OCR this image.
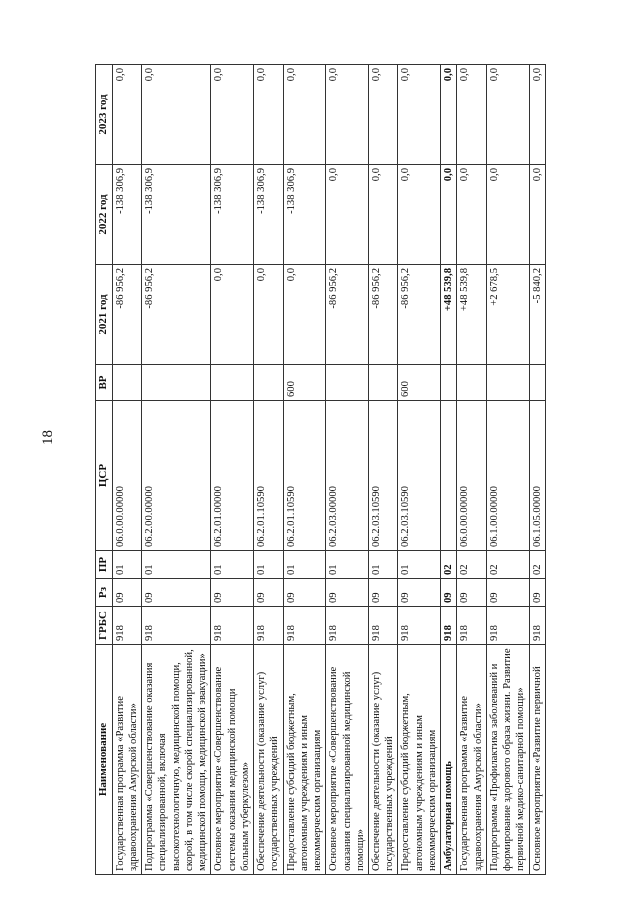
18
Наименование	ГРБС	Рз	ПР	ЦСР	ВР	2021 год	2022 год	2023 год
Государственная программа «Развитие здравоохранения Амурской области»	918	09	01	06.0.00.00000		-86 956,2	-138 306,9	0,0
Подпрограмма «Совершенствование оказания специализированной, включая высокотехнологичную, медицинской помощи, скорой, в том числе скорой специализированной, медицинской помощи, медицинской эвакуации»	918	09	01	06.2.00.00000		-86 956,2	-138 306,9	0,0
Основное мероприятие «Совершенствование системы оказания медицинской помощи больным туберкулезом»	918	09	01	06.2.01.00000		0,0	-138 306,9	0,0
Обеспечение деятельности (оказание услуг) государственных учреждений	918	09	01	06.2.01.10590		0,0	-138 306,9	0,0
Предоставление субсидий бюджетным, автономным учреждениям и иным некоммерческим организациям	918	09	01	06.2.01.10590	600	0,0	-138 306,9	0,0
Основное мероприятие «Совершенствование оказания специализированной медицинской помощи»	918	09	01	06.2.03.00000		-86 956,2	0,0	0,0
Обеспечение деятельности (оказание услуг) государственных учреждений	918	09	01	06.2.03.10590		-86 956,2	0,0	0,0
Предоставление субсидий бюджетным, автономным учреждениям и иным некоммерческим организациям	918	09	01	06.2.03.10590	600	-86 956,2	0,0	0,0
Амбулаторная помощь	918	09	02			+48 539,8	0,0	0,0
Государственная программа «Развитие здравоохранения Амурской области»	918	09	02	06.0.00.00000		+48 539,8	0,0	0,0
Подпрограмма «Профилактика заболеваний и формирование здорового образа жизни. Развитие первичной медико-санитарной помощи»	918	09	02	06.1.00.00000		+2 678,5	0,0	0,0
Основное мероприятие «Развитие первичной	918	09	02	06.1.05.00000		-5 840,2	0,0	0,0
